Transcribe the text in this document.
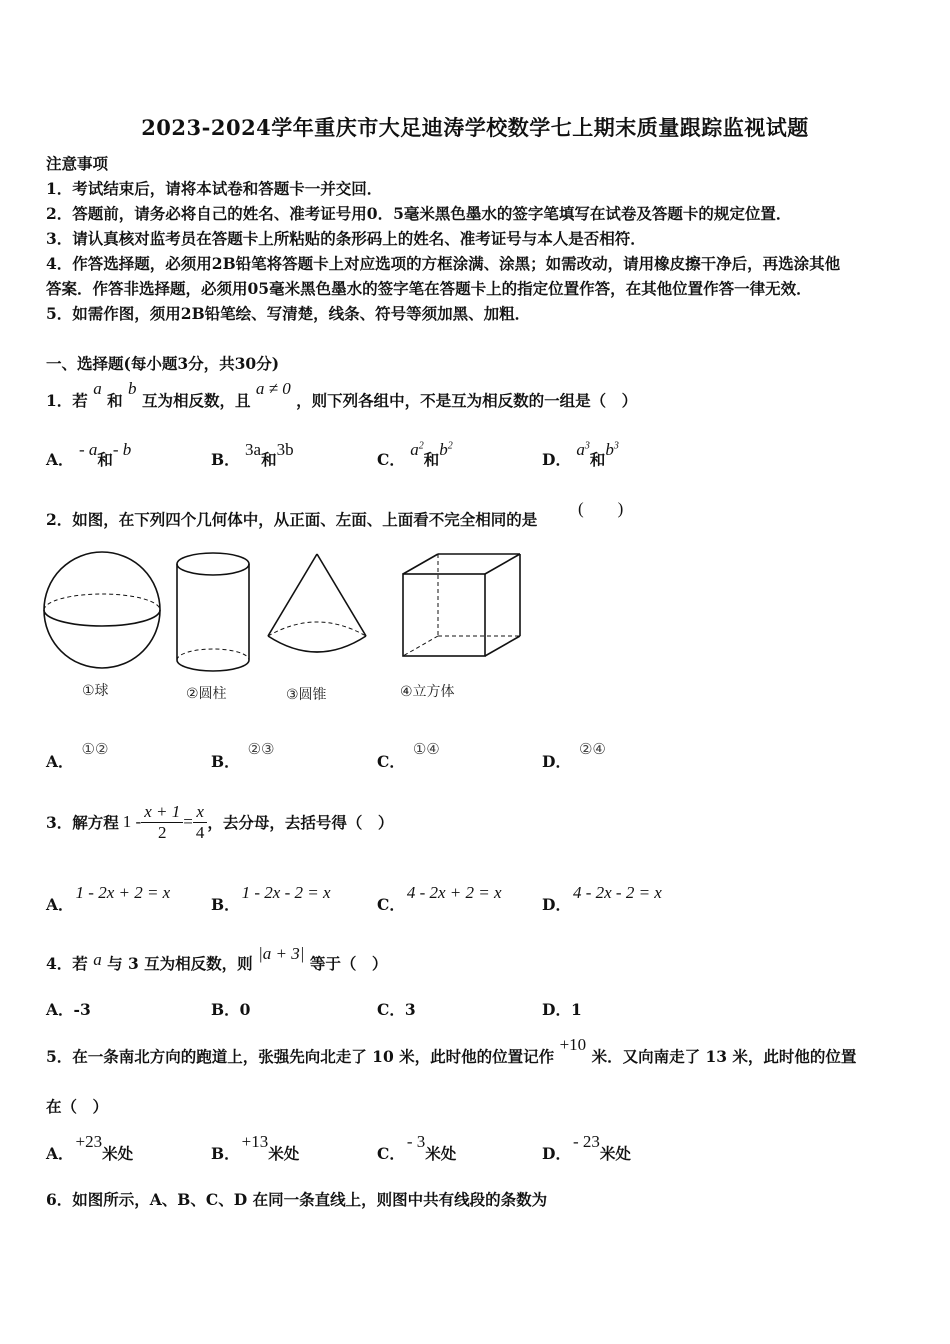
2023-2024学年重庆市大足迪涛学校数学七上期末质量跟踪监视试题
注意事项
1．考试结束后，请将本试卷和答题卡一并交回．
2．答题前，请务必将自己的姓名、准考证号用0．5毫米黑色墨水的签字笔填写在试卷及答题卡的规定位置．
3．请认真核对监考员在答题卡上所粘贴的条形码上的姓名、准考证号与本人是否相符．
4．作答选择题，必须用2B铅笔将答题卡上对应选项的方框涂满、涂黑；如需改动，请用橡皮擦干净后，再选涂其他
答案．作答非选择题，必须用05毫米黑色墨水的签字笔在答题卡上的指定位置作答，在其他位置作答一律无效．
5．如需作图，须用2B铅笔绘、写清楚，线条、符号等须加黑、加粗．
一、选择题(每小题3分，共30分)
1．若 a 和 b 互为相反数，且 a ≠ 0 ，则下列各组中，不是互为相反数的一组是（　）
A． - a和- b
B． 3a和3b
C． $a^2$和$b^2$
D． $a^3$和$b^3$
2．如图，在下列四个几何体中，从正面、左面、上面看不完全相同的是
(　　)
①球	②圆柱	③圆锥	④立方体
A．①②
B．②③
C．①④
D．②④
3．解方程 $1 - \frac{x + 1}{2} = \frac{x}{4}$ ，去分母，去括号得（　）
A．1 - 2x + 2 = x
B．1 - 2x - 2 = x
C．4 - 2x + 2 = x
D．4 - 2x - 2 = x
4．若 a 与 3 互为相反数，则 |a + 3| 等于（　）
A．-3	B．0	C．3	D．1
5．在一条南北方向的跑道上，张强先向北走了 10 米，此时他的位置记作 +10 米．又向南走了 13 米，此时他的位置
在（　）
A．+23米处	B．+13米处	C．- 3米处	D．- 23米处
6．如图所示，A、B、C、D 在同一条直线上，则图中共有线段的条数为
